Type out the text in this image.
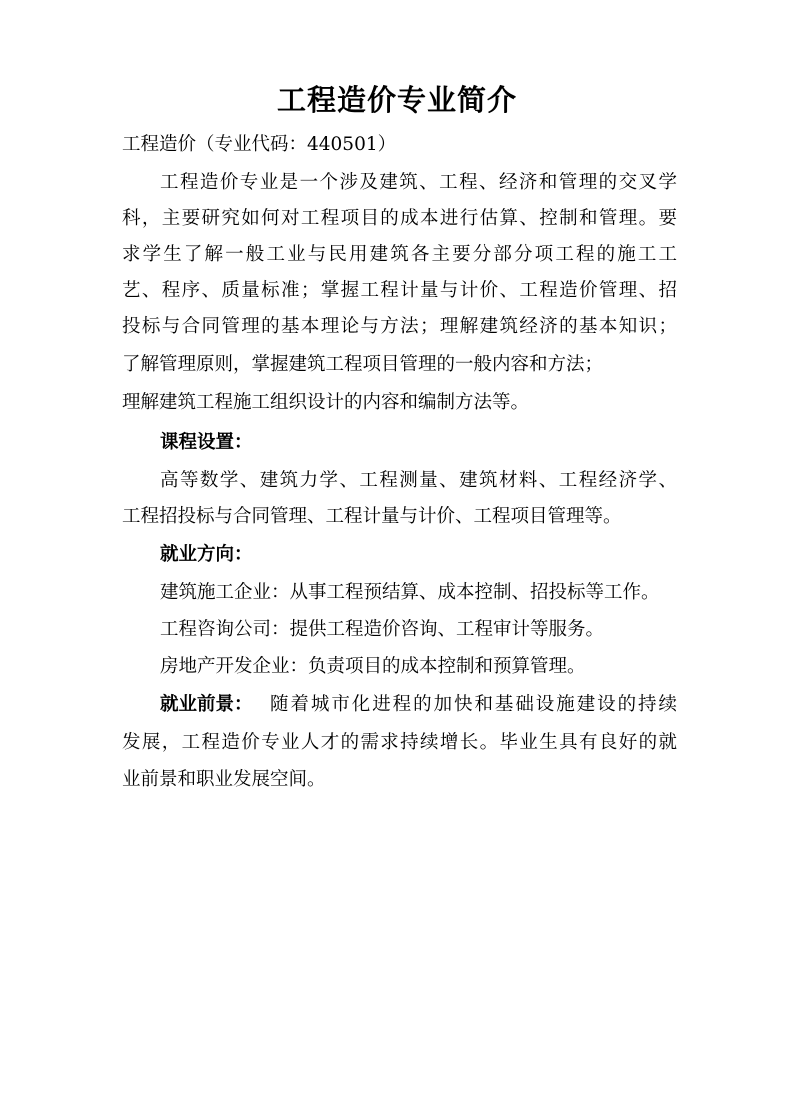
工程造价专业简介
工程造价（专业代码：440501）
工程造价专业是一个涉及建筑、工程、经济和管理的交叉学
科，主要研究如何对工程项目的成本进行估算、控制和管理。要
求学生了解一般工业与民用建筑各主要分部分项工程的施工工
艺、程序、质量标准；掌握工程计量与计价、工程造价管理、招
投标与合同管理的基本理论与方法；理解建筑经济的基本知识；
了解管理原则，掌握建筑工程项目管理的一般内容和方法；
理解建筑工程施工组织设计的内容和编制方法等。
课程设置：
高等数学、建筑力学、工程测量、建筑材料、工程经济学、
工程招投标与合同管理、工程计量与计价、工程项目管理等。
就业方向：
建筑施工企业：从事工程预结算、成本控制、招投标等工作。
工程咨询公司：提供工程造价咨询、工程审计等服务。
房地产开发企业：负责项目的成本控制和预算管理。
就业前景： 随着城市化进程的加快和基础设施建设的持续
发展，工程造价专业人才的需求持续增长。毕业生具有良好的就
业前景和职业发展空间。
